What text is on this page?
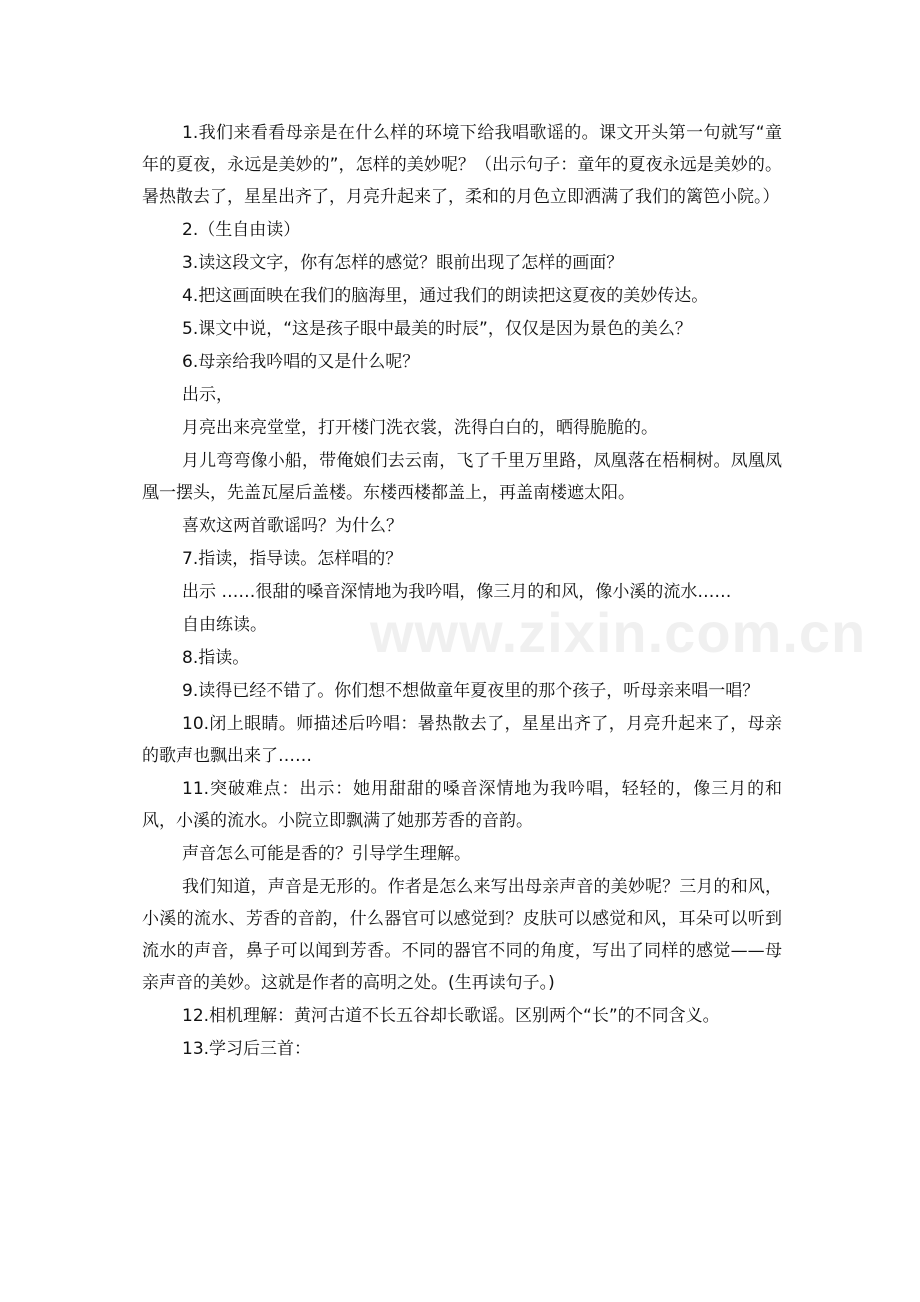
1.我们来看看母亲是在什么样的环境下给我唱歌谣的。课文开头第一句就写“童年的夏夜，永远是美妙的”，怎样的美妙呢？（出示句子：童年的夏夜永远是美妙的。暑热散去了，星星出齐了，月亮升起来了，柔和的月色立即洒满了我们的篱笆小院。）

2.（生自由读）

3.读这段文字，你有怎样的感觉？眼前出现了怎样的画面？

4.把这画面映在我们的脑海里，通过我们的朗读把这夏夜的美妙传达。

5.课文中说，“这是孩子眼中最美的时辰”，仅仅是因为景色的美么？

6.母亲给我吟唱的又是什么呢？

出示，

月亮出来亮堂堂，打开楼门洗衣裳，洗得白白的，晒得脆脆的。

月儿弯弯像小船，带俺娘们去云南，飞了千里万里路，凤凰落在梧桐树。凤凰凤凰一摆头，先盖瓦屋后盖楼。东楼西楼都盖上，再盖南楼遮太阳。

喜欢这两首歌谣吗？为什么？

7.指读，指导读。怎样唱的？

出示 ……很甜的嗓音深情地为我吟唱，像三月的和风，像小溪的流水……

自由练读。

8.指读。

9.读得已经不错了。你们想不想做童年夏夜里的那个孩子，听母亲来唱一唱？

10.闭上眼睛。师描述后吟唱：暑热散去了，星星出齐了，月亮升起来了，母亲的歌声也飘出来了……

11.突破难点：出示：她用甜甜的嗓音深情地为我吟唱，轻轻的，像三月的和风，小溪的流水。小院立即飘满了她那芳香的音韵。

声音怎么可能是香的？引导学生理解。

我们知道，声音是无形的。作者是怎么来写出母亲声音的美妙呢？三月的和风，小溪的流水、芳香的音韵，什么器官可以感觉到？皮肤可以感觉和风，耳朵可以听到流水的声音，鼻子可以闻到芳香。不同的器官不同的角度，写出了同样的感觉——母亲声音的美妙。这就是作者的高明之处。(生再读句子。)

12.相机理解：黄河古道不长五谷却长歌谣。区别两个“长”的不同含义。

13.学习后三首：

www.zixin.com.cn
